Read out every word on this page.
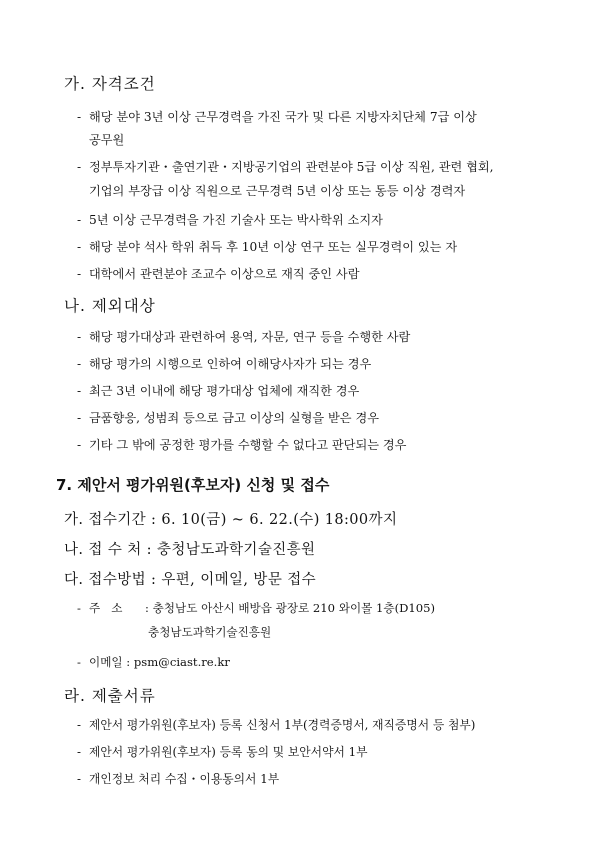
가. 자격조건
- 해당 분야 3년 이상 근무경력을 가진 국가 및 다른 지방자치단체 7급 이상
공무원
- 정부투자기관・출연기관・지방공기업의 관련분야 5급 이상 직원, 관련 협회,
기업의 부장급 이상 직원으로 근무경력 5년 이상 또는 동등 이상 경력자
- 5년 이상 근무경력을 가진 기술사 또는 박사학위 소지자
- 해당 분야 석사 학위 취득 후 10년 이상 연구 또는 실무경력이 있는 자
- 대학에서 관련분야 조교수 이상으로 재직 중인 사람
나. 제외대상
- 해당 평가대상과 관련하여 용역, 자문, 연구 등을 수행한 사람
- 해당 평가의 시행으로 인하여 이해당사자가 되는 경우
- 최근 3년 이내에 해당 평가대상 업체에 재직한 경우
- 금품향응, 성범죄 등으로 금고 이상의 실형을 받은 경우
- 기타 그 밖에 공정한 평가를 수행할 수 없다고 판단되는 경우
7. 제안서 평가위원(후보자) 신청 및 접수
가. 접수기간 : 6. 10(금) ~ 6. 22.(수) 18:00까지
나. 접 수 처 : 충청남도과학기술진흥원
다. 접수방법 : 우편, 이메일, 방문 접수
- 주   소 : 충청남도 아산시 배방읍 광장로 210 와이몰 1층(D105)
충청남도과학기술진흥원
- 이메일 : psm@ciast.re.kr
라. 제출서류
- 제안서 평가위원(후보자) 등록 신청서 1부(경력증명서, 재직증명서 등 첨부)
- 제안서 평가위원(후보자) 등록 동의 및 보안서약서 1부
- 개인정보 처리 수집・이용동의서 1부
